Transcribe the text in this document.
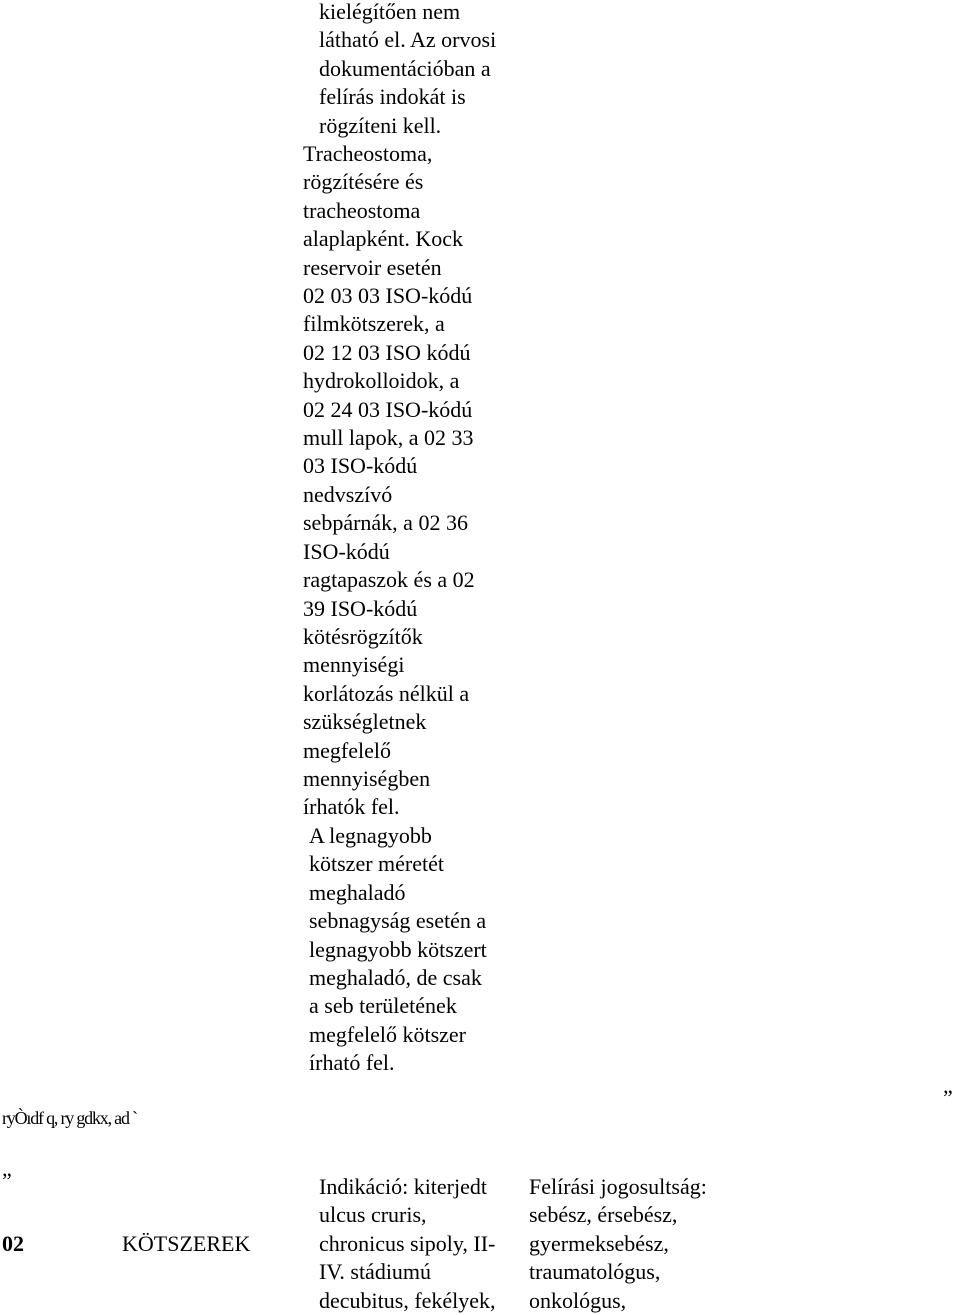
kielégítően nem
látható el. Az orvosi
dokumentációban a
felírás indokát is
rögzíteni kell.
Tracheostoma,
rögzítésére és
tracheostoma
alaplapként. Kock
reservoir esetén
02 03 03 ISO-kódú
filmkötszerek, a
02 12 03 ISO kódú
hydrokolloidok, a
02 24 03 ISO-kódú
mull lapok, a 02 33
03 ISO-kódú
nedvszívó
sebpárnák, a 02 36
ISO-kódú
ragtapaszok és a 02
39 ISO-kódú
kötésrögzítők
mennyiségi
korlátozás nélkül a
szükségletnek
megfelelő
mennyiségben
írhatók fel.
A legnagyobb
kötszer méretét
meghaladó
sebnagyság esetén a
legnagyobb kötszert
meghaladó, de csak
a seb területének
megfelelő kötszer
írható fel.
„
ryÒıdf q, ry gdkx, ad `
„
02	KÖTSZEREK
Indikáció: kiterjedt
ulcus cruris,
chronicus sipoly, II-
IV. stádiumú
decubitus, fekélyek,
Felírási jogosultság:
sebész, érsebész,
gyermeksebész,
traumatológus,
onkológus,
